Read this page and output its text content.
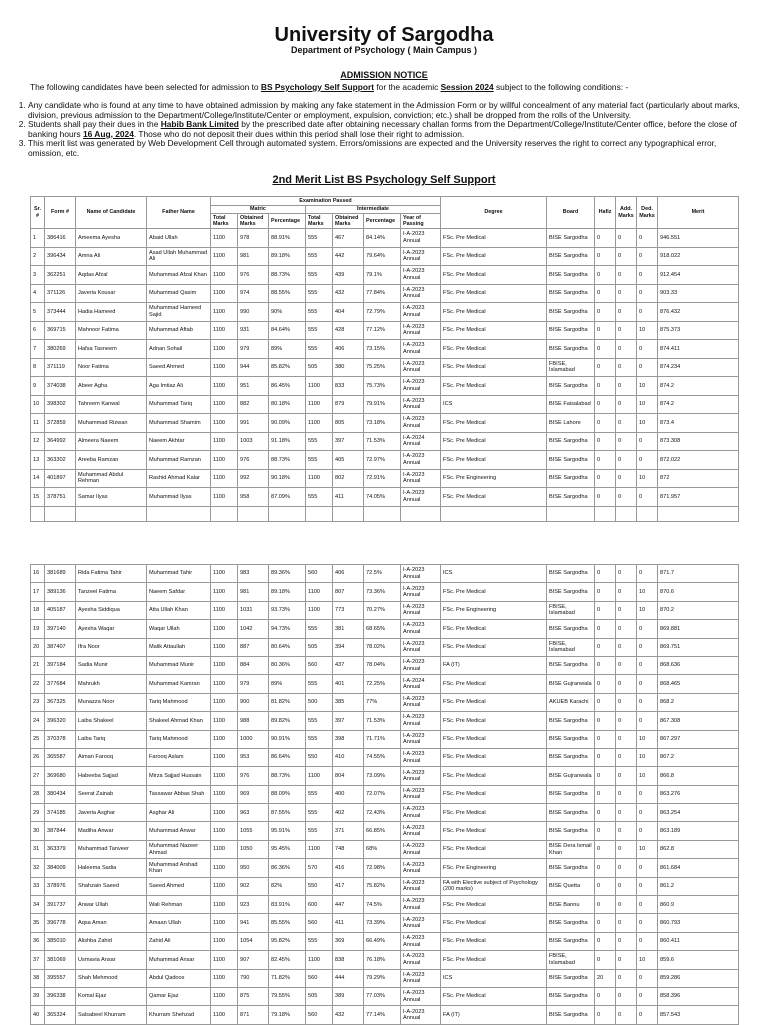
University of Sargodha
Department of Psychology ( Main Campus )
ADMISSION NOTICE
The following candidates have been selected for admission to BS Psychology Self Support for the academic Session 2024 subject to the following conditions: -
1. Any candidate who is found at any time to have obtained admission by making any fake statement in the Admission Form or by willful concealment of any material fact (particularly about marks, division, previous admission to the Department/College/Institute/Center or employment, expulsion, conviction; etc.) shall be dropped from the rolls of the University.
2. Students shall pay their dues in the Habib Bank Limited by the prescribed date after obtaining necessary challan forms from the Department/College/Institute/Center office, before the close of banking hours 16 Aug, 2024. Those who do not deposit their dues within this period shall lose their right to admission.
3. This merit list was generated by Web Development Cell through automated system. Errors/omissions are expected and the University reserves the right to correct any typographical error, omission, etc.
2nd Merit List BS Psychology Self Support
Sr. #	Form #	Name of Candidate	Father Name	Examination Passed							Degree	Board	Hafiz	Add. Marks	Ded. Marks	Merit
				Matric			Intermediate									
				Total Marks	Obtained Marks	Percentage	Total Marks	Obtained Marks	Percentage	Year of Passing						
1	386416	Ameema Ayesha	Abaid Ullah	1100	978	88.91%	555	467	84.14%	I-A-2023 Annual	FSc. Pre Medical	BISE Sargodha	0	0	0	946.551
2	396434	Amna Ali	Asad Ullah Muhammad Ali	1100	981	89.18%	555	442	79.64%	I-A-2023 Annual	FSc. Pre Medical	BISE Sargodha	0	0	0	918.022
3	362251	Aqdas Afzal	Muhammad Afzal Khan	1100	976	88.73%	555	439	79.1%	I-A-2023 Annual	FSc. Pre Medical	BISE Sargodha	0	0	0	912.454
4	371126	Javeria Kousar	Muhammad Qasim	1100	974	88.55%	555	432	77.84%	I-A-2023 Annual	FSc. Pre Medical	BISE Sargodha	0	0	0	903.33
5	373444	Hadia Hameed	Muhammad Hameed Sajid	1100	990	90%	555	404	72.79%	I-A-2023 Annual	FSc. Pre Medical	BISE Sargodha	0	0	0	876.432
6	369715	Mahnoor Fatima	Muhammad Aftab	1100	931	84.64%	555	428	77.12%	I-A-2023 Annual	FSc. Pre Medical	BISE Sargodha	0	0	10	875.373
7	380269	Hafsa Tasneem	Adnan Sohail	1100	979	89%	555	406	73.15%	I-A-2023 Annual	FSc. Pre Medical	BISE Sargodha	0	0	0	874.411
8	371119	Noor Fatima	Saeed Ahmed	1100	944	85.82%	505	380	75.25%	I-A-2023 Annual	FSc. Pre Medical	FBISE, Islamabad	0	0	0	874.234
9	374038	Abeer Agha	Aga Imtiaz Ali	1100	951	86.45%	1100	833	75.73%	I-A-2023 Annual	FSc. Pre Medical	BISE Sargodha	0	0	10	874.2
10	398302	Tahreem Kanwal	Muhammad Tariq	1100	882	80.18%	1100	879	79.91%	I-A-2023 Annual	ICS	BISE Faisalabad	0	0	10	874.2
11	372859	Muhammad Rizwan	Muhammad Shamim	1100	991	90.09%	1100	805	73.18%	I-A-2023 Annual	FSc. Pre Medical	BISE Lahore	0	0	10	873.4
12	364992	Almeera Naeem	Naeem Akhtar	1100	1003	91.18%	555	397	71.53%	I-A-2024 Annual	FSc. Pre Medical	BISE Sargodha	0	0	0	873.308
13	363302	Areeba Ramzan	Muhammad Ramzan	1100	976	88.73%	555	405	72.97%	I-A-2023 Annual	FSc. Pre Medical	BISE Sargodha	0	0	0	872.022
14	401897	Muhammad Abdul Rehman	Rashid Ahmad Kalar	1100	992	90.18%	1100	802	72.91%	I-A-2023 Annual	FSc. Pre Engineering	BISE Sargodha	0	0	10	872
15	378751	Samar Ilyas	Muhammad Ilyas	1100	958	87.09%	555	411	74.05%	I-A-2023 Annual	FSc. Pre Medical	BISE Sargodha	0	0	0	871.957

16	381689	Rida Fatima Tahir	Muhammad Tahir	1100	983	89.36%	560	406	72.5%	I-A-2023 Annual	ICS	BISE Sargodha	0	0	0	871.7
17	389136	Tanzeel Fatima	Naeem Safdar	1100	981	89.18%	1100	807	73.36%	I-A-2023 Annual	FSc. Pre Medical	BISE Sargodha	0	0	10	870.6
18	405187	Ayesha Siddiqua	Atta Ullah Khan	1100	1031	93.73%	1100	773	70.27%	I-A-2023 Annual	FSc. Pre Engineering	FBISE, Islamabad	0	0	10	870.2
19	397140	Ayesha Waqar	Waqar Ullah	1100	1042	94.73%	555	381	68.65%	I-A-2023 Annual	FSc. Pre Medical	BISE Sargodha	0	0	0	869.881
20	387407	Ifra Noor	Malik Attaullah	1100	887	80.64%	505	394	78.02%	I-A-2023 Annual	FSc. Pre Medical	FBISE, Islamabad	0	0	0	869.751
21	397184	Sadia Munir	Muhammad Munir	1100	884	80.36%	560	437	78.04%	I-A-2023 Annual	FA (IT)	BISE Sargodha	0	0	0	868.636
22	377684	Mahrukh	Muhammad Kamran	1100	979	89%	555	401	72.25%	I-A-2024 Annual	FSc. Pre Medical	BISE Gujranwala	0	0	0	868.465
23	367325	Munazza Noor	Tariq Mahmood	1100	900	81.82%	500	385	77%	I-A-2023 Annual	FSc. Pre Medical	AKUEB Karachi	0	0	0	868.2
24	396320	Laiba Shakeel	Shakeel Ahmad Khan	1100	988	89.82%	555	397	71.53%	I-A-2023 Annual	FSc. Pre Medical	BISE Sargodha	0	0	0	867.308
25	370378	Laiba Tariq	Tariq Mahmood	1100	1000	90.91%	555	398	71.71%	I-A-2023 Annual	FSc. Pre Medical	BISE Sargodha	0	0	10	867.297
26	365587	Aiman Farooq	Farooq Aslam	1100	953	86.64%	550	410	74.55%	I-A-2023 Annual	FSc. Pre Medical	BISE Sargodha	0	0	10	867.2
27	369680	Habeeba Sajjad	Mirza Sajjad Hussain	1100	976	88.73%	1100	804	73.09%	I-A-2023 Annual	FSc. Pre Medical	BISE Gujranwala	0	0	10	866.8
28	380434	Seerat Zainab	Tassawar Abbas Shah	1100	969	88.09%	555	400	72.07%	I-A-2023 Annual	FSc. Pre Medical	BISE Sargodha	0	0	0	863.276
29	374185	Javeria Asghar	Asghar Ali	1100	963	87.55%	555	402	72.43%	I-A-2023 Annual	FSc. Pre Medical	BISE Sargodha	0	0	0	863.254
30	387844	Madiha Anwar	Muhammad Anwar	1100	1055	95.91%	555	371	66.85%	I-A-2023 Annual	FSc. Pre Medical	BISE Sargodha	0	0	0	863.189
31	363379	Muhammad Tanveer	Muhammad Nazeer Ahmad	1100	1050	95.45%	1100	748	68%	I-A-2023 Annual	FSc. Pre Medical	BISE Dera Ismail Khan	0	0	10	862.8
32	384009	Haleema Sadia	Muhammad Arshad Khan	1100	950	86.36%	570	416	72.98%	I-A-2023 Annual	FSc. Pre Engineering	BISE Sargodha	0	0	0	861.684
33	378976	Shahzain Saeed	Saeed Ahmed	1100	902	82%	550	417	75.82%	I-A-2023 Annual	FA with Elective subject of Psychology (200 marks)	BISE Quetta	0	0	0	861.2
34	391737	Anwar Ullah	Wali Rehman	1100	923	83.91%	600	447	74.5%	I-A-2023 Annual	FSc. Pre Medical	BISE Bannu	0	0	0	860.9
35	396778	Aqsa Aman	Amaan Ullah	1100	941	85.55%	560	411	73.39%	I-A-2023 Annual	FSc. Pre Medical	BISE Sargodha	0	0	0	860.793
36	385010	Alishba Zahid	Zahid Ali	1100	1054	95.82%	555	369	66.49%	I-A-2023 Annual	FSc. Pre Medical	BISE Sargodha	0	0	0	860.411
37	381069	Usmavia Ansar	Muhammad Ansar	1100	907	82.45%	1100	838	76.18%	I-A-2023 Annual	FSc. Pre Medical	FBISE, Islamabad	0	0	10	859.6
38	395557	Shah Mehmood	Abdul Qadoos	1100	790	71.82%	560	444	79.29%	I-A-2023 Annual	ICS	BISE Sargodha	20	0	0	859.286
39	396338	Komal Ejaz	Qamar Ejaz	1100	875	79.55%	505	389	77.03%	I-A-2023 Annual	FSc. Pre Medical	BISE Sargodha	0	0	0	858.396
40	365324	Salsabeel Khurram	Khurram Shehzad	1100	871	79.18%	560	432	77.14%	I-A-2023 Annual	FA (IT)	BISE Sargodha	0	0	0	857.543
